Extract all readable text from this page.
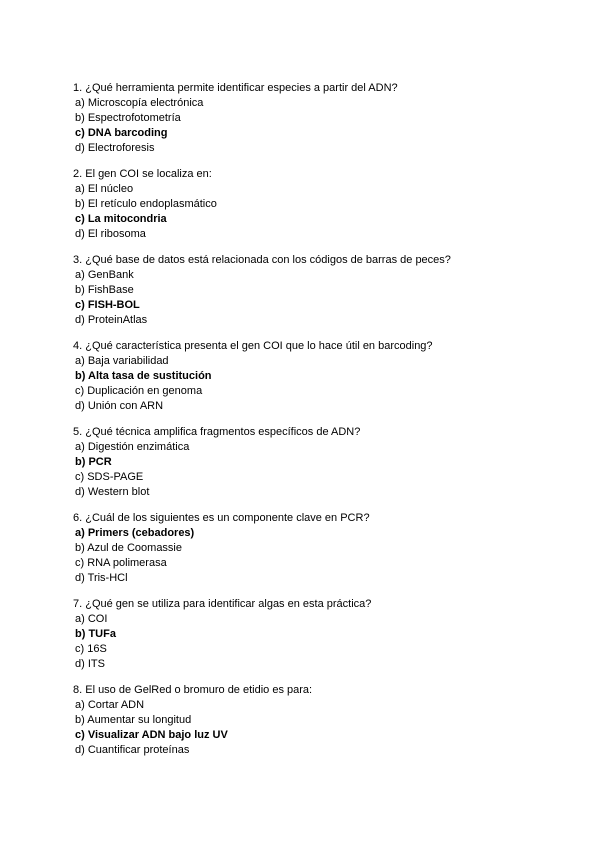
1. ¿Qué herramienta permite identificar especies a partir del ADN?
a) Microscopía electrónica
b) Espectrofotometría
c) DNA barcoding
d) Electroforesis
2. El gen COI se localiza en:
a) El núcleo
b) El retículo endoplasmático
c) La mitocondria
d) El ribosoma
3. ¿Qué base de datos está relacionada con los códigos de barras de peces?
a) GenBank
b) FishBase
c) FISH-BOL
d) ProteinAtlas
4. ¿Qué característica presenta el gen COI que lo hace útil en barcoding?
a) Baja variabilidad
b) Alta tasa de sustitución
c) Duplicación en genoma
d) Unión con ARN
5. ¿Qué técnica amplifica fragmentos específicos de ADN?
a) Digestión enzimática
b) PCR
c) SDS-PAGE
d) Western blot
6. ¿Cuál de los siguientes es un componente clave en PCR?
a) Primers (cebadores)
b) Azul de Coomassie
c) RNA polimerasa
d) Tris-HCl
7. ¿Qué gen se utiliza para identificar algas en esta práctica?
a) COI
b) TUFa
c) 16S
d) ITS
8. El uso de GelRed o bromuro de etidio es para:
a) Cortar ADN
b) Aumentar su longitud
c) Visualizar ADN bajo luz UV
d) Cuantificar proteínas
